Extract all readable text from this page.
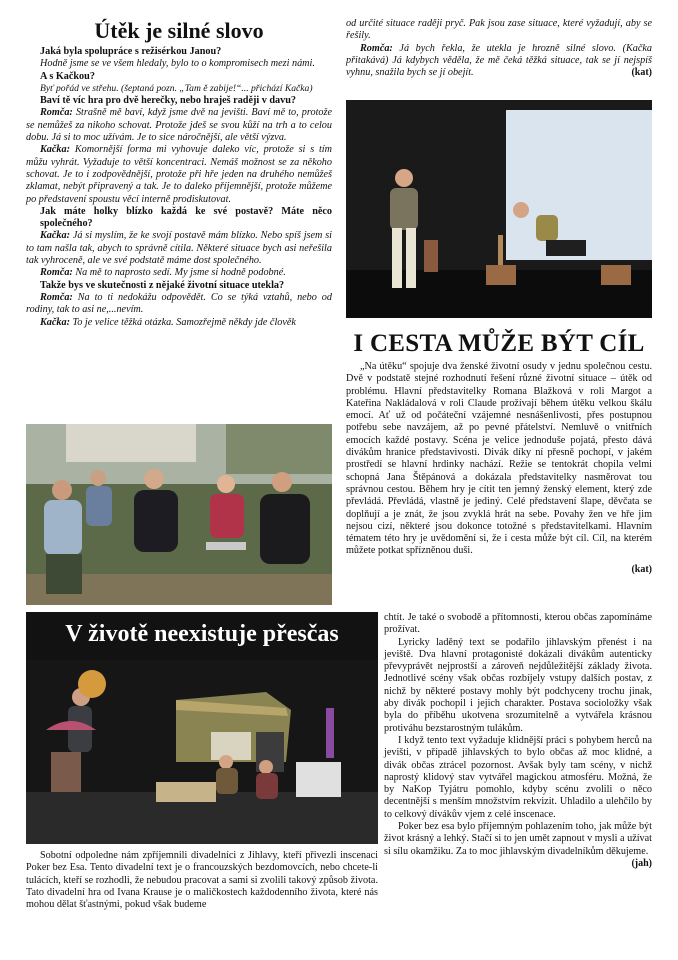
Útěk je silné slovo

Jaká byla spolupráce s režisérkou Janou?

Hodně jsme se ve všem hledaly, bylo to o kompromisech mezi námi.

A s Kačkou?

Byť pořád ve střehu. (šeptaná pozn. „Tam ě zabije!“... přichází Kačka)

Baví tě víc hra pro dvě herečky, nebo hraješ raději v davu?

Romča: Strašně mě baví, když jsme dvě na jevišti. Baví mě to, protože se nemůžeš za nikoho schovat. Protože jdeš se svou kůží na trh a to celou dobu. Já si to moc užívám. Je to sice náročnější, ale větší výzva.

Kačka: Komornější forma mi vyhovuje daleko víc, protože si s tím můžu vyhrát. Vyžaduje to větší koncentraci. Nemáš možnost se za někoho schovat. Je to i zodpovědnější, protože při hře jeden na druhého nemůžeš zklamat, nebýt připravený a tak. Je to daleko příjemnější, protože můžeme po představení spoustu věcí interně prodiskutovat.

Jak máte holky blízko každá ke své postavě? Máte něco společného?

Kačka: Já si myslím, že ke svojí postavě mám blízko. Nebo spíš jsem si to tam našla tak, abych to správně cítila. Některé situace bych asi neřešila tak vyhroceně, ale ve své podstatě máme dost společného.

Romča: Na mě to naprosto sedí. My jsme si hodně podobné.

Takže bys ve skutečnosti z nějaké životní situace utekla?

Romča: Na to ti nedokážu odpovědět. Co se týká vztahů, nebo od rodiny, tak to asi ne,...nevím.

Kačka: To je velice těžká otázka. Samozřejmě někdy jde člověk

od určité situace raději pryč. Pak jsou zase situace, které vyžadují, aby se řešily.

Romča: Já bych řekla, že utekla je hrozně silné slovo. (Kačka přitakává) Já kdybych věděla, že mě čeká těžká situace, tak se jí nejspíš vyhnu, snažila bych se jí obejít.	(kat)
I CESTA MŮŽE BÝT CÍL

„Na útěku“ spojuje dva ženské životní osudy v jednu společnou cestu. Dvě v podstatě stejné rozhodnutí řešení různé životní situace – útěk od problému. Hlavní představitelky Romana Blažková v roli Margot a Kateřina Nakládalová v roli Claude prožívají během útěku velkou škálu emocí. Ať už od počáteční vzájemné nesnášenlivosti, přes postupnou potřebu sebe navzájem, až po pevné přátelství. Nemluvě o vnitřních emocích každé postavy. Scéna je velice jednoduše pojatá, přesto dává divákům hranice představivosti. Divák díky ní přesně pochopí, v jakém prostředí se hlavní hrdinky nachází. Režie se tentokrát chopila velmi schopná Jana Štěpánová a dokázala představitelky nasměrovat tou správnou cestou. Během hry je cítit ten jemný ženský element, který zde převládá. Převládá, vlastně je jediný. Celé představení šlape, děvčata se doplňují a je znát, že jsou zvyklá hrát na sebe. Povahy žen ve hře jim nejsou cizí, některé jsou dokonce totožné s představitelkami. Hlavním tématem této hry je uvědomění si, že i cesta může být cíl. Cíl, na kterém můžete potkat spřízněnou duši.

(kat)
V životě neexistuje přesčas

Sobotní odpoledne nám zpříjemnili divadelníci z Jihlavy, kteří přivezli inscenaci Poker bez Esa. Tento divadelní text je o francouzských bezdomovcích, nebo chcete-li tulácích, kteří se rozhodli, že nebudou pracovat a sami si zvolili takový způsob života. Tato divadelní hra od Ivana Krause je o maličkostech každodenního života, které nás mohou dělat šťastnými, pokud však budeme

chtít. Je také o svobodě a přítomnosti, kterou občas zapomínáme prožívat.

Lyricky laděný text se podařilo jihlavským přenést i na jeviště. Dva hlavní protagonisté dokázali divákům autenticky převyprávět nejprostší a zároveň nejdůležitější základy života. Jednotlivé scény však občas rozbíjely vstupy dalších postav, z nichž by některé postavy mohly být podchyceny trochu jinak, aby divák pochopil i jejich charakter. Postava socioložky však byla do příběhu ukotvena srozumitelně a vytvářela krásnou protiváhu bezstarostným tulákům.

I když tento text vyžaduje klidnější práci s pohybem herců na jevišti, v případě jihlavských to bylo občas až moc klidné, a divák občas ztrácel pozornost. Avšak byly tam scény, v nichž naprostý klidový stav vytvářel magickou atmosféru. Možná, že by NaKop Tyjátru pomohlo, kdyby scénu zvolili o něco decentnější s menším množstvím rekvizit. Uhladilo a ulehčilo by to celkový dívákův vjem z celé inscenace.

Poker bez esa bylo příjemným pohlazením toho, jak může být život krásný a lehký. Stačí si to jen umět zapnout v mysli a užívat si sílu okamžiku. Za to moc jihlavským divadelníkům děkujeme.

(jah)
